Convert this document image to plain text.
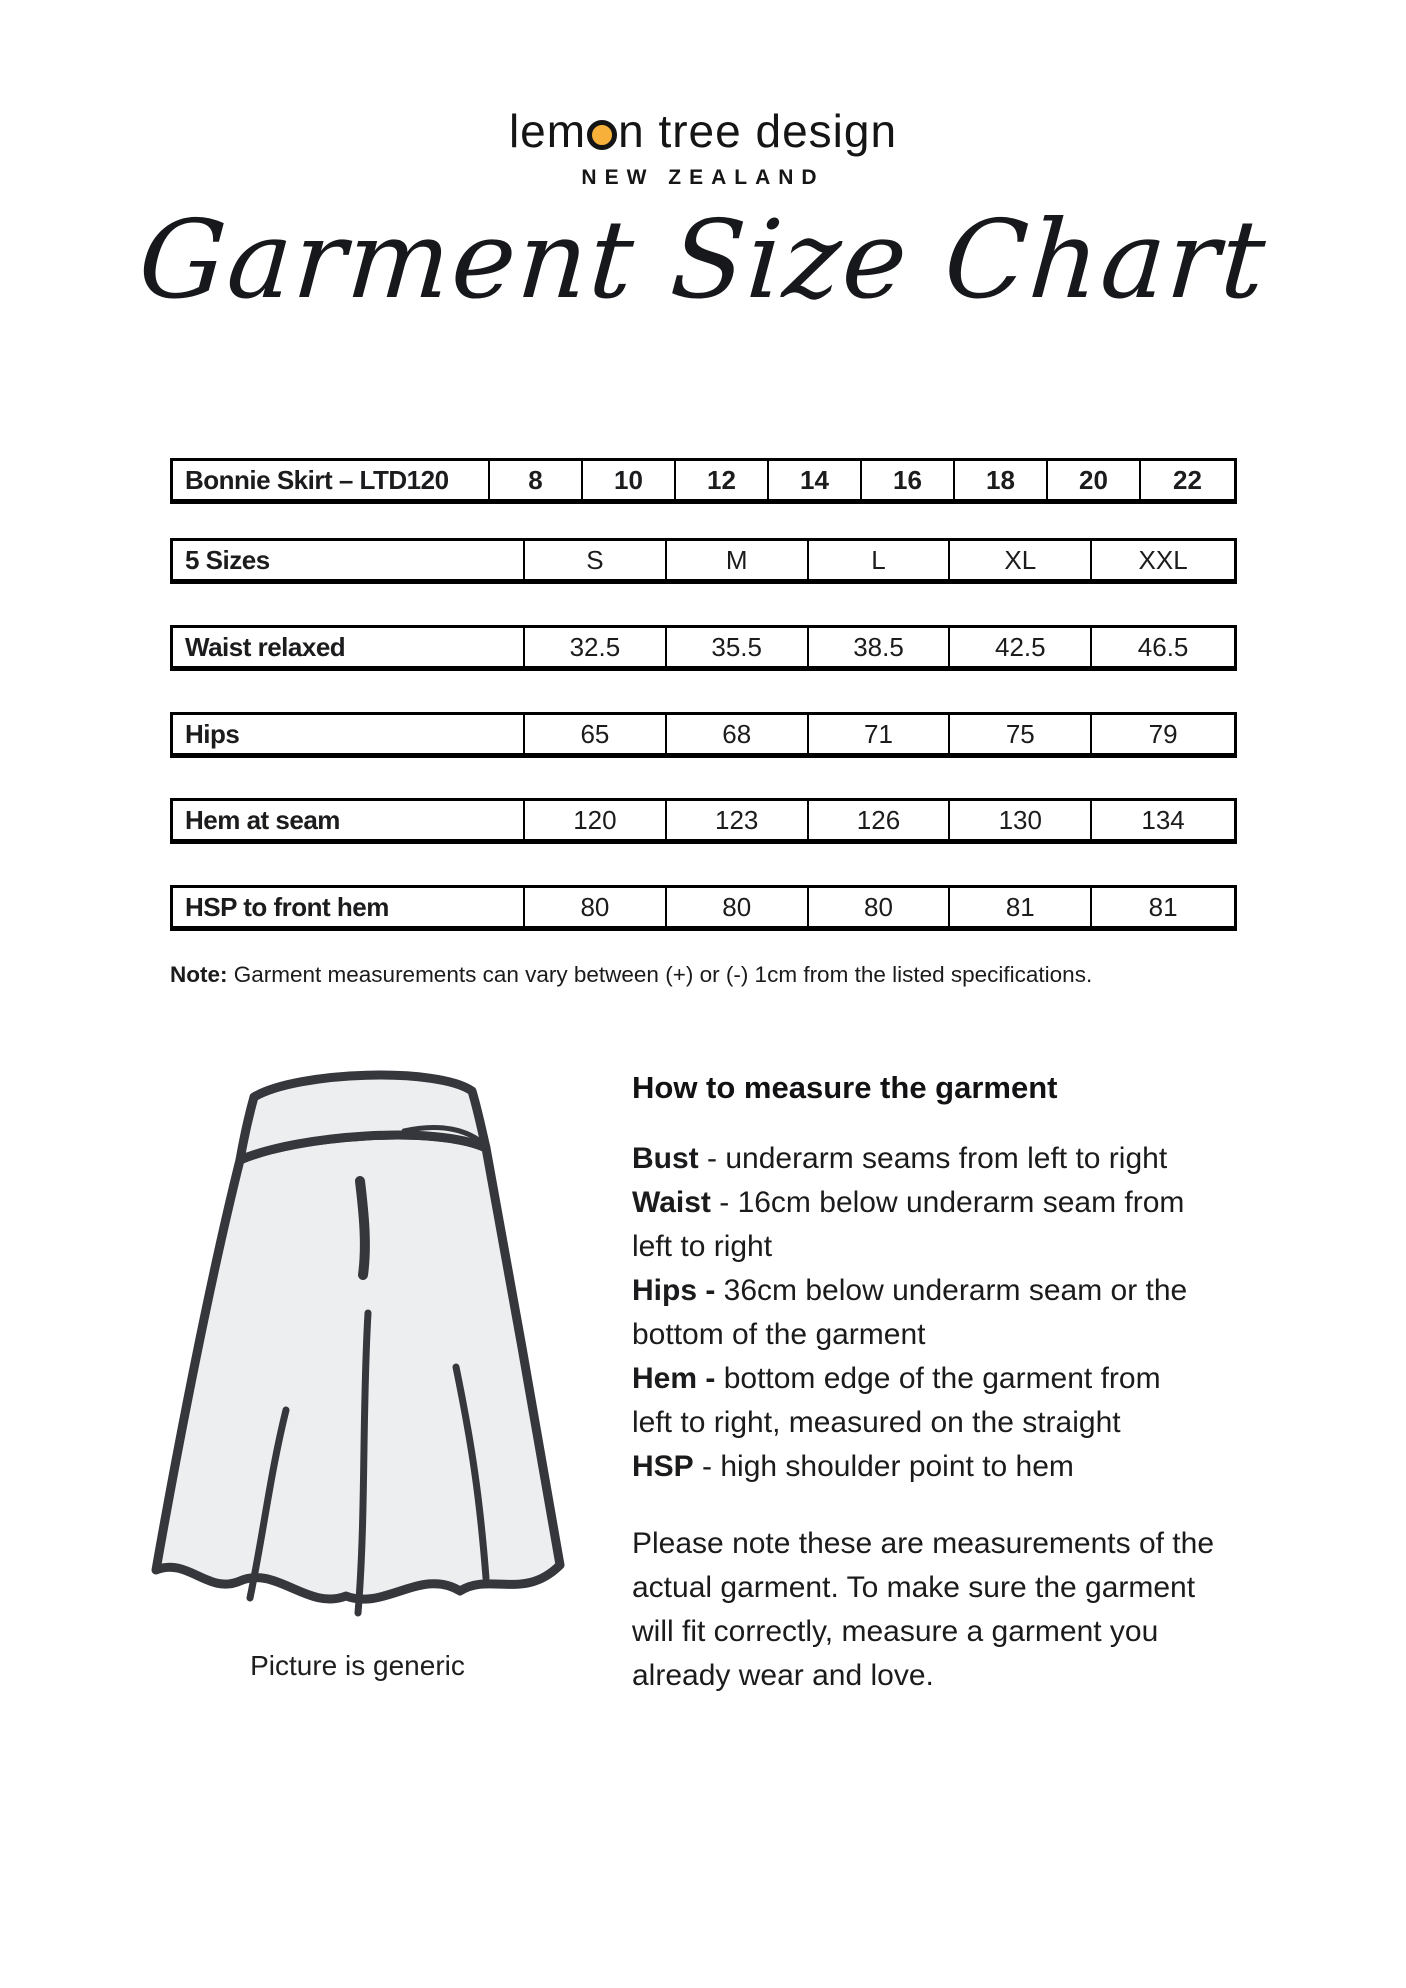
lem n tree design
NEW ZEALAND
Garment Size Chart
Bonnie Skirt – LTD120	8	10	12	14	16	18	20	22
5 Sizes	S	M	L	XL	XXL
Waist relaxed	32.5	35.5	38.5	42.5	46.5
Hips	65	68	71	75	79
Hem at seam	120	123	126	130	134
HSP to front hem	80	80	80	81	81
Note: Garment measurements can vary between (+) or (-) 1cm from the listed specifications.
Picture is generic
How to measure the garment
Bust - underarm seams from left to right
Waist - 16cm below underarm seam from
left to right
Hips - 36cm below underarm seam or the
bottom of the garment
Hem - bottom edge of the garment from
left to right, measured on the straight
HSP - high shoulder point to hem
Please note these are measurements of the
actual garment. To make sure the garment
will fit correctly, measure a garment you
already wear and love.
